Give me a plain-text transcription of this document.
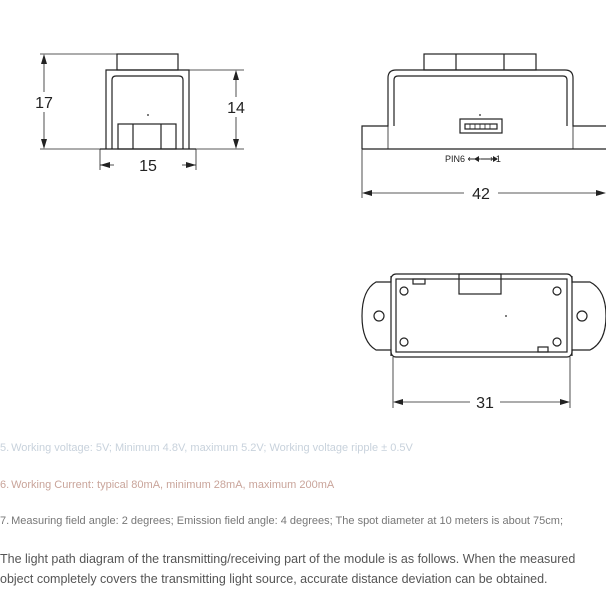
17	14
15
42
31
PIN6 ⟵⟶ 1
5. Working voltage: 5V; Minimum 4.8V, maximum 5.2V; Working voltage ripple ± 0.5V
6. Working Current: typical 80mA, minimum 28mA, maximum 200mA
7. Measuring field angle: 2 degrees; Emission field angle: 4 degrees; The spot diameter at 10 meters is about 75cm;
The light path diagram of the transmitting/receiving part of the module is as follows. When the measured object completely covers the transmitting light source, accurate distance deviation can be obtained.
